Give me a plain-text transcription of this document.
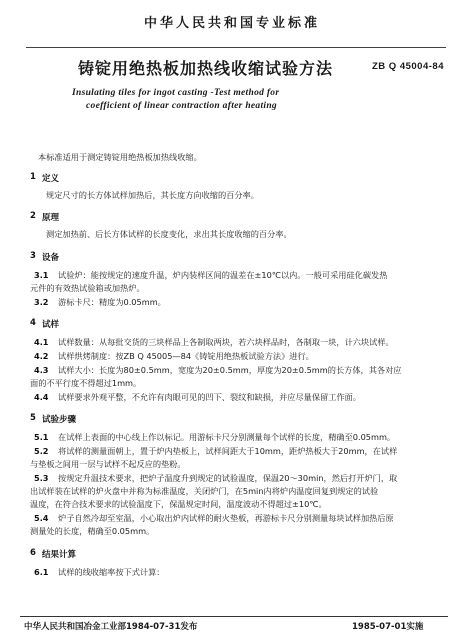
中华人民共和国专业标准
铸锭用绝热板加热线收缩试验方法	ZB Q 45004-84
Insulating tiles for ingot casting -Test method for
coefficient of linear contraction after heating
本标准适用于测定铸锭用绝热板加热线收缩。
1 定义
规定尺寸的长方体试样加热后，其长度方向收缩的百分率。
2 原理
测定加热前、后长方体试样的长度变化，求出其长度收缩的百分率。
3 设备
3.1 试验炉：能按规定的速度升温，炉内装样区间的温差在±10℃以内。一般可采用硅化碳发热
元件的有效热试验箱或加热炉。
3.2 游标卡尺：精度为0.05mm。
4 试样
4.1 试样数量：从每批交货的三块样品上各制取两块，若六块样品时，各制取一块，计六块试样。
4.2 试样烘烤制度：按ZB Q 45005—84《铸锭用绝热板试验方法》进行。
4.3 试样大小：长度为80±0.5mm，宽度为20±0.5mm，厚度为20±0.5mm的长方体，其各对应
面的不平行度不得超过1mm。
4.4 试样要求外观平整，不允许有肉眼可见的凹下、裂纹和缺损，并应尽量保留工作面。
5 试验步骤
5.1 在试样上表面的中心线上作以标记。用游标卡尺分别测量每个试样的长度，精确至0.05mm。
5.2 将试样的测量面朝上，置于炉内垫板上，试样间距大于10mm，距炉热板大于20mm，在试样
与垫板之间用一层与试样不起反应的垫粉。
5.3 按规定升温技术要求，把炉子温度升到规定的试验温度，保温20～30min，然后打开炉门，取
出试样装在试样的炉火盘中并称为标准温度，关闭炉门，在5min内将炉内温度回复到规定的试验
温度，在符合技术要求的试验温度下，保温规定时间，温度波动不得超过±10℃。
5.4 炉子自然冷却至室温，小心取出炉内试样的耐火垫板，再游标卡尺分别测量每块试样加热后原
测量处的长度，精确至0.05mm。
6 结果计算
6.1 试样的线收缩率按下式计算：
中华人民共和国冶金工业部1984-07-31发布	1985-07-01实施
